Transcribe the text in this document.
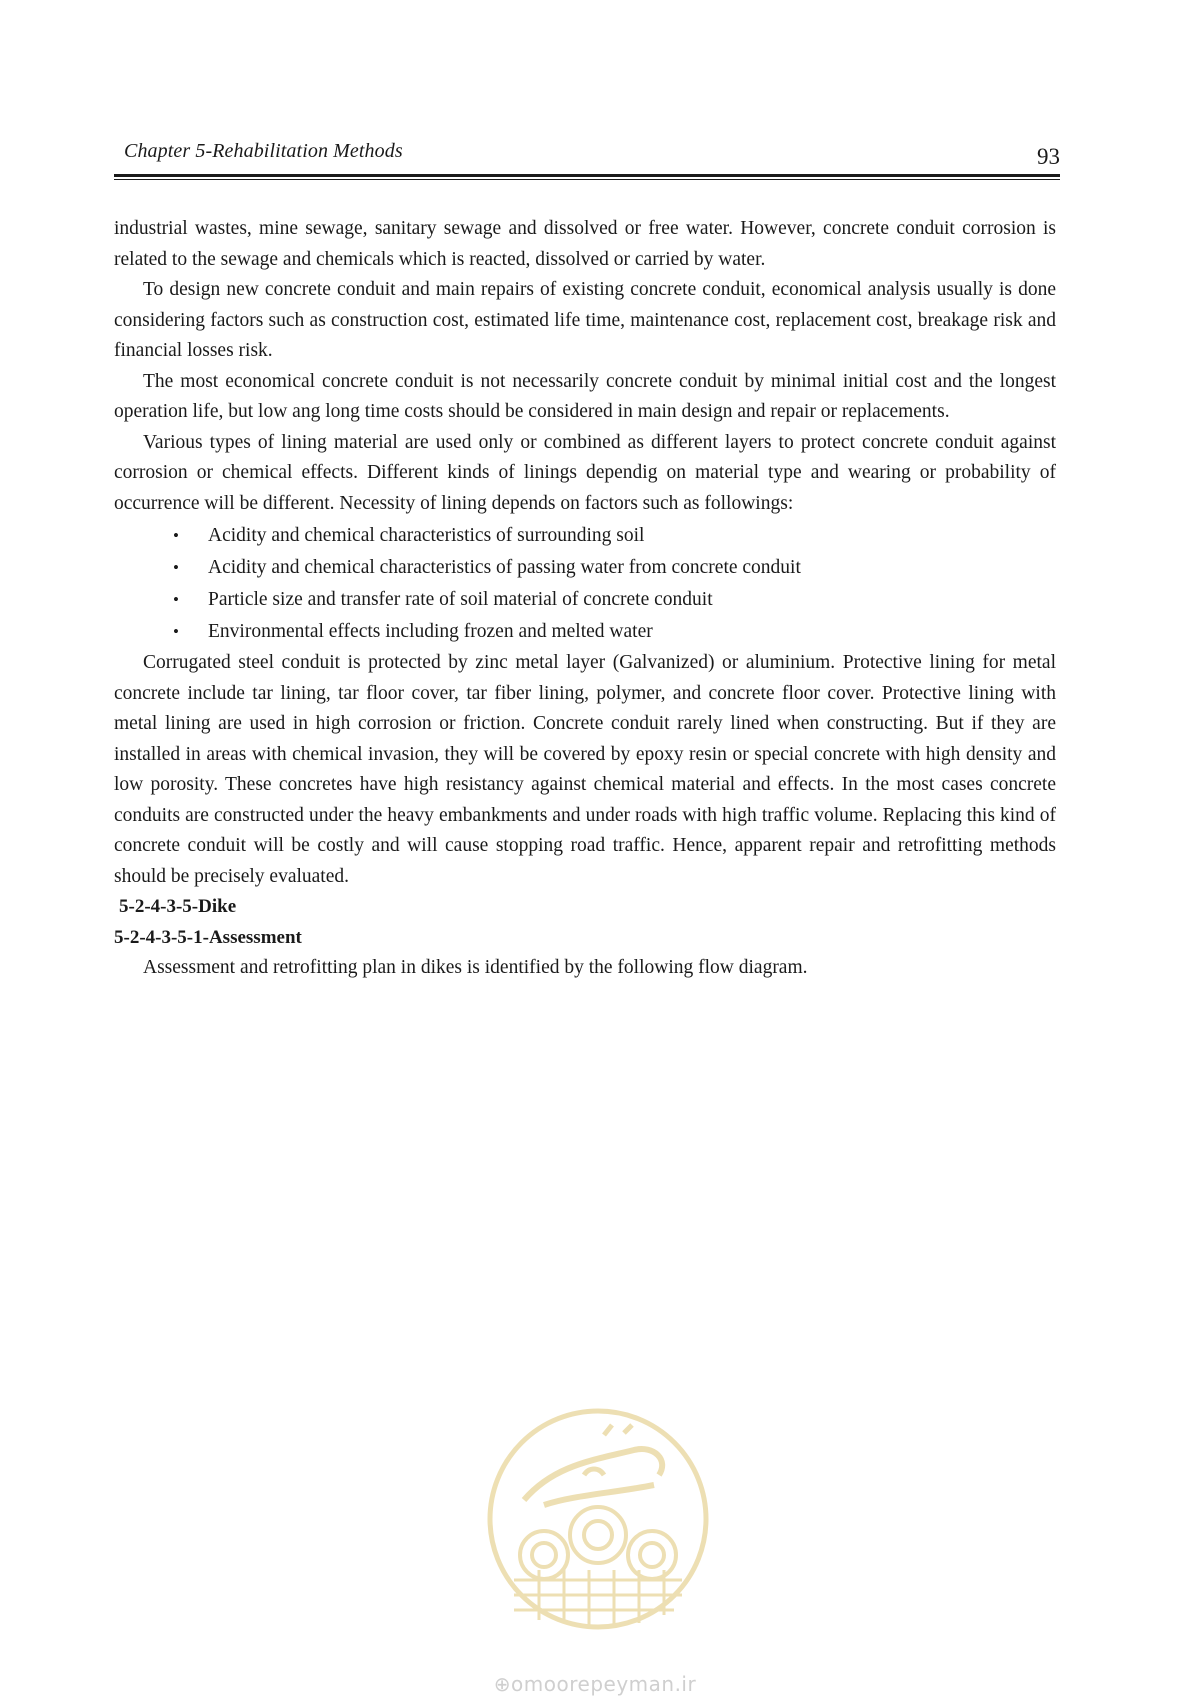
Chapter 5-Rehabilitation Methods	93

industrial wastes, mine sewage, sanitary sewage and dissolved or free water. However, concrete conduit corrosion is related to the sewage and chemicals which is reacted, dissolved or carried by water.

To design new concrete conduit and main repairs of existing concrete conduit, economical analysis usually is done considering factors such as construction cost, estimated life time, maintenance cost, replacement cost, breakage risk and financial losses risk.

The most economical concrete conduit is not necessarily concrete conduit by minimal initial cost and the longest operation life, but low ang long time costs should be considered in main design and repair or replacements.

Various types of lining material are used only or combined as different layers to protect concrete conduit against corrosion or chemical effects. Different kinds of linings dependig on material type and wearing or probability of occurrence will be different. Necessity of lining depends on factors such as followings:

• Acidity and chemical characteristics of surrounding soil
• Acidity and chemical characteristics of passing water from concrete conduit
• Particle size and transfer rate of soil material of concrete conduit
• Environmental effects including frozen and melted water

Corrugated steel conduit is protected by zinc metal layer (Galvanized) or aluminium. Protective lining for metal concrete include tar lining, tar floor cover, tar fiber lining, polymer, and concrete floor cover. Protective lining with metal lining are used in high corrosion or friction. Concrete conduit rarely lined when constructing. But if they are installed in areas with chemical invasion, they will be covered by epoxy resin or special concrete with high density and low porosity. These concretes have high resistancy against chemical material and effects. In the most cases concrete conduits are constructed under the heavy embankments and under roads with high traffic volume. Replacing this kind of concrete conduit will be costly and will cause stopping road traffic. Hence, apparent repair and retrofitting methods should be precisely evaluated.

5-2-4-3-5-Dike

5-2-4-3-5-1-Assessment

Assessment and retrofitting plan in dikes is identified by the following flow diagram.

⊕omoorepeyman.ir
